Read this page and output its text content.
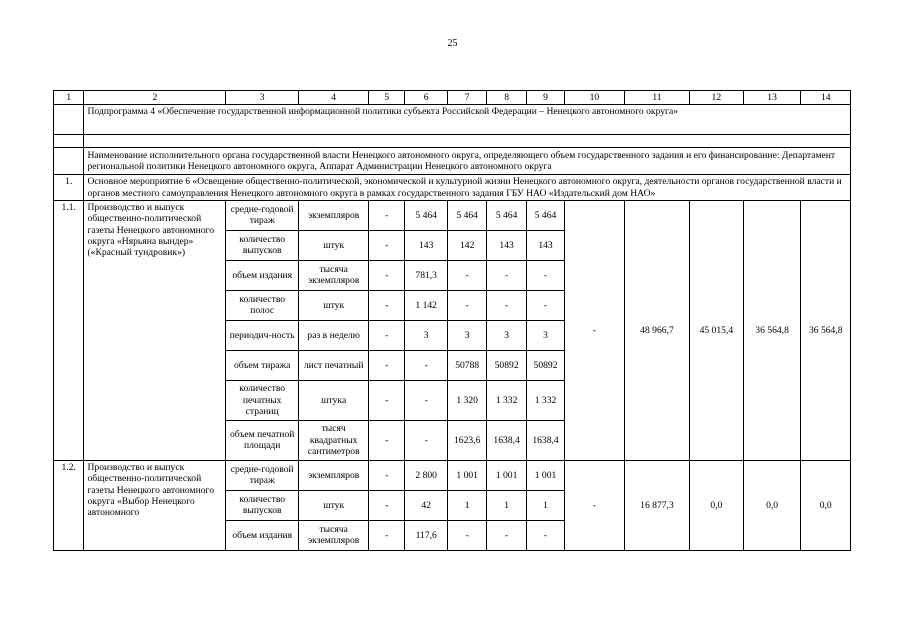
25
1	2	3	4	5	6	7	8	9	10	11	12	13	14
	Подпрограмма 4 «Обеспечение государственной информационной политики субъекта Российской Федерации – Ненецкого автономного округа»												

	Наименование исполнительного органа государственной власти Ненецкого автономного округа, определяющего объем государственного задания и его финансирование: Департамент региональной политики Ненецкого автономного округа, Аппарат Администрации Ненецкого автономного округа												
1.	Основное мероприятие 6 «Освещение общественно-политической, экономической и культурной жизни Ненецкого автономного округа, деятельности органов государственной власти и органов местного самоуправления Ненецкого автономного округа в рамках государственного задания ГБУ НАО «Издательский дом НАО»												
1.1.	Производство и выпуск общественно-политической газеты Ненецкого автономного округа «Нярьяна вындер» («Красный тундровик»)	средне-годовой тираж	экземпляров	-	5 464	5 464	5 464	5 464	-	48 966,7	45 015,4	36 564,8	36 564,8
		количество выпусков	штук	-	143	142	143	143					
		объем издания	тысяча экземпляров	-	781,3	-	-	-					
		количество полос	штук	-	1 142	-	-	-					
		периодич-ность	раз в неделю	-	3	3	3	3					
		объем тиража	лист печатный	-	-	50788	50892	50892					
		количество печатных страниц	штука	-	-	1 320	1 332	1 332					
		объем печатной площади	тысяч квадратных сантиметров	-	-	1623,6	1638,4	1638,4					
1.2.	Производство и выпуск общественно-политической газеты Ненецкого автономного округа «Выбор Ненецкого автономного	средне-годовой тираж	экземпляров	-	2 800	1 001	1 001	1 001	-	16 877,3	0,0	0,0	0,0
		количество выпусков	штук	-	42	1	1	1					
		объем издания	тысяча экземпляров	-	117,6	-	-	-					
